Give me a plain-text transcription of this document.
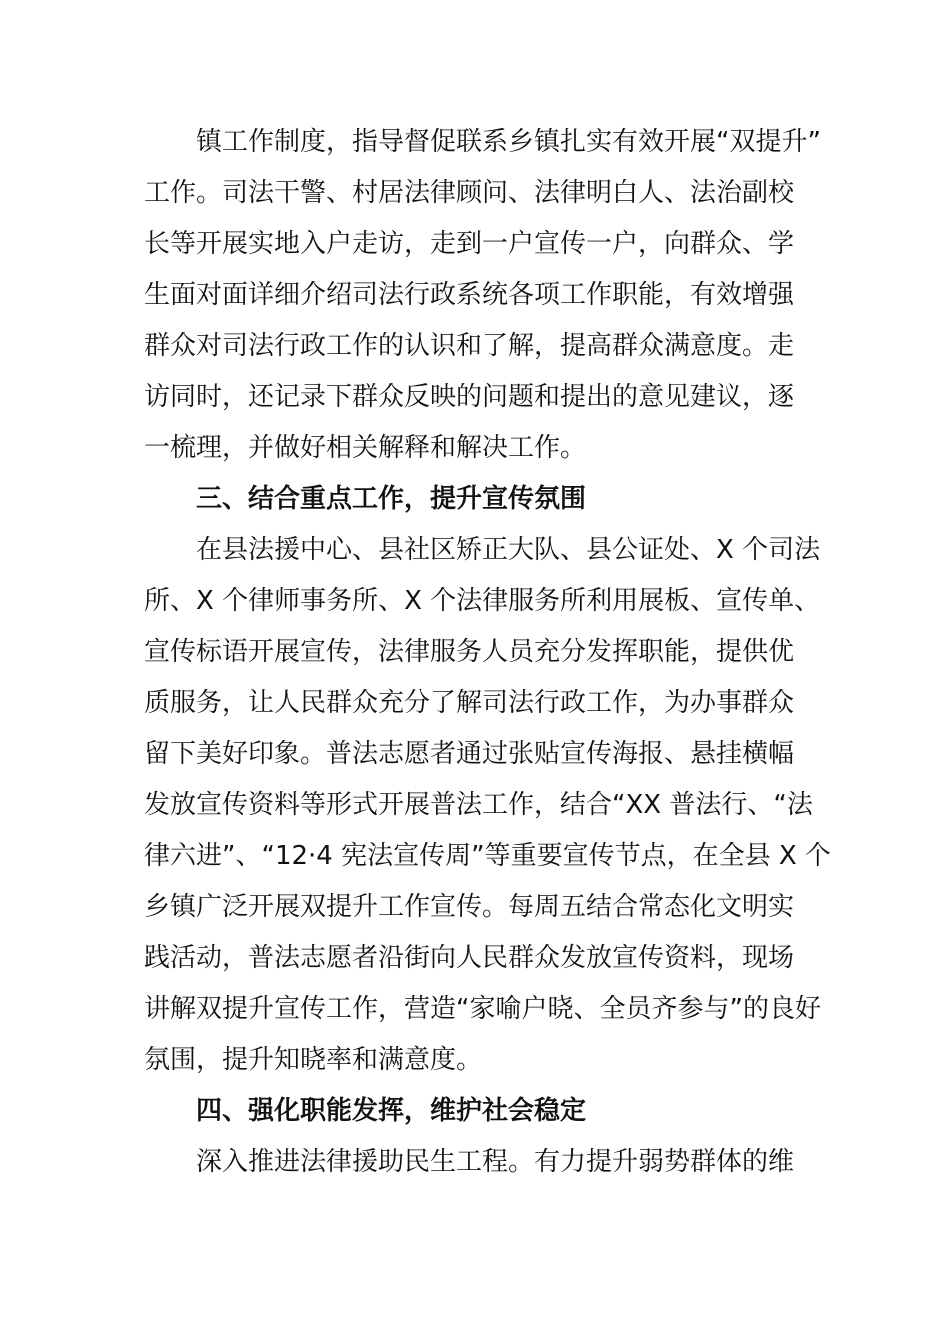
镇工作制度，指导督促联系乡镇扎实有效开展“双提升”
工作。司法干警、村居法律顾问、法律明白人、法治副校
长等开展实地入户走访，走到一户宣传一户，向群众、学
生面对面详细介绍司法行政系统各项工作职能，有效增强
群众对司法行政工作的认识和了解，提高群众满意度。走
访同时，还记录下群众反映的问题和提出的意见建议，逐
一梳理，并做好相关解释和解决工作。
三、结合重点工作，提升宣传氛围
在县法援中心、县社区矫正大队、县公证处、X 个司法
所、X 个律师事务所、X 个法律服务所利用展板、宣传单、
宣传标语开展宣传，法律服务人员充分发挥职能，提供优
质服务，让人民群众充分了解司法行政工作，为办事群众
留下美好印象。普法志愿者通过张贴宣传海报、悬挂横幅
发放宣传资料等形式开展普法工作，结合“XX 普法行、“法
律六进”、“12·4 宪法宣传周”等重要宣传节点，在全县 X 个
乡镇广泛开展双提升工作宣传。每周五结合常态化文明实
践活动，普法志愿者沿街向人民群众发放宣传资料，现场
讲解双提升宣传工作，营造“家喻户晓、全员齐参与”的良好
氛围，提升知晓率和满意度。
四、强化职能发挥，维护社会稳定
深入推进法律援助民生工程。有力提升弱势群体的维
